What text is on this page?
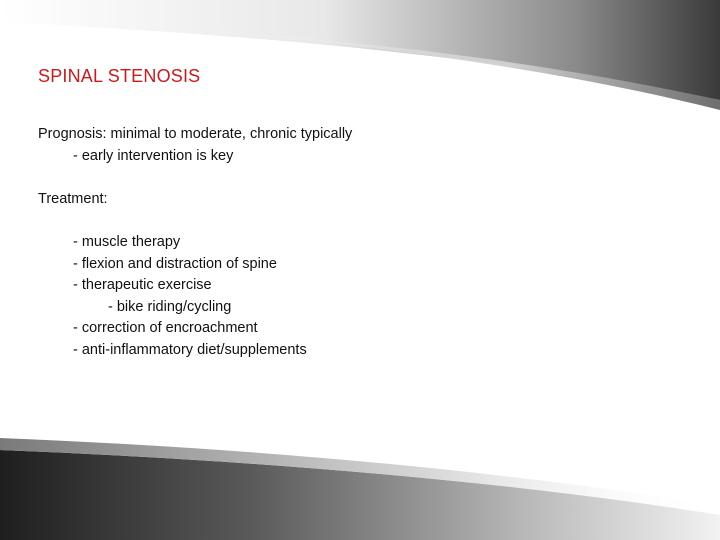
SPINAL STENOSIS
Prognosis: minimal to moderate, chronic typically
- early intervention is key
Treatment:
- muscle therapy
- flexion and distraction of spine
- therapeutic exercise
- bike riding/cycling
- correction of encroachment
- anti-inflammatory diet/supplements
